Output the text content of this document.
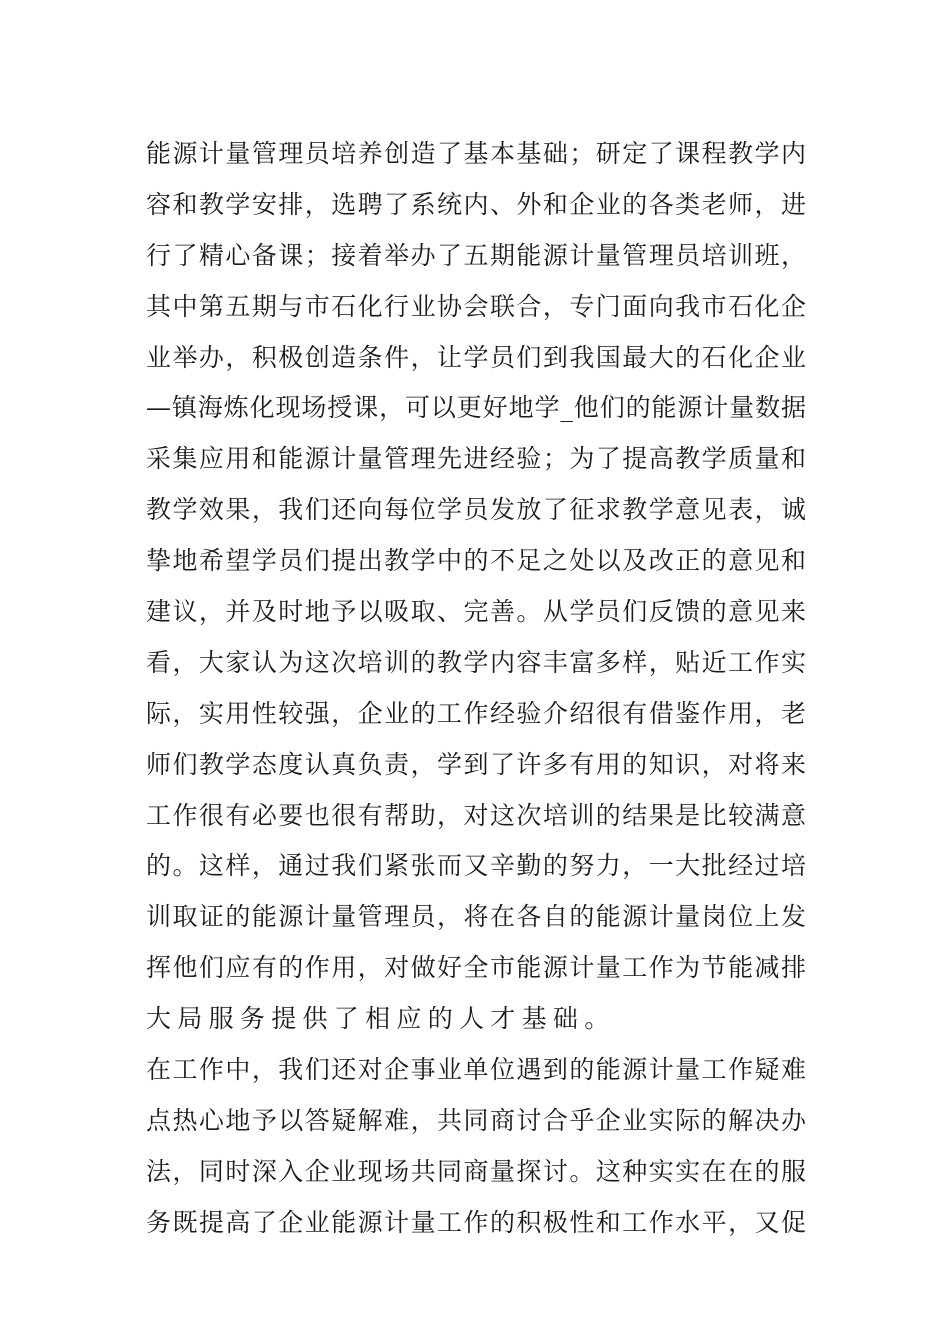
能源计量管理员培养创造了基本基础；研定了课程教学内
容和教学安排，选聘了系统内、外和企业的各类老师，进
行了精心备课；接着举办了五期能源计量管理员培训班，
其中第五期与市石化行业协会联合，专门面向我市石化企
业举办，积极创造条件，让学员们到我国最大的石化企业
—镇海炼化现场授课，可以更好地学_他们的能源计量数据
采集应用和能源计量管理先进经验；为了提高教学质量和
教学效果，我们还向每位学员发放了征求教学意见表，诚
挚地希望学员们提出教学中的不足之处以及改正的意见和
建议，并及时地予以吸取、完善。从学员们反馈的意见来
看，大家认为这次培训的教学内容丰富多样，贴近工作实
际，实用性较强，企业的工作经验介绍很有借鉴作用，老
师们教学态度认真负责，学到了许多有用的知识，对将来
工作很有必要也很有帮助，对这次培训的结果是比较满意
的。这样，通过我们紧张而又辛勤的努力，一大批经过培
训取证的能源计量管理员，将在各自的能源计量岗位上发
挥他们应有的作用，对做好全市能源计量工作为节能减排
大局服务提供了相应的人才基础。
在工作中，我们还对企事业单位遇到的能源计量工作疑难
点热心地予以答疑解难，共同商讨合乎企业实际的解决办
法，同时深入企业现场共同商量探讨。这种实实在在的服
务既提高了企业能源计量工作的积极性和工作水平，又促
